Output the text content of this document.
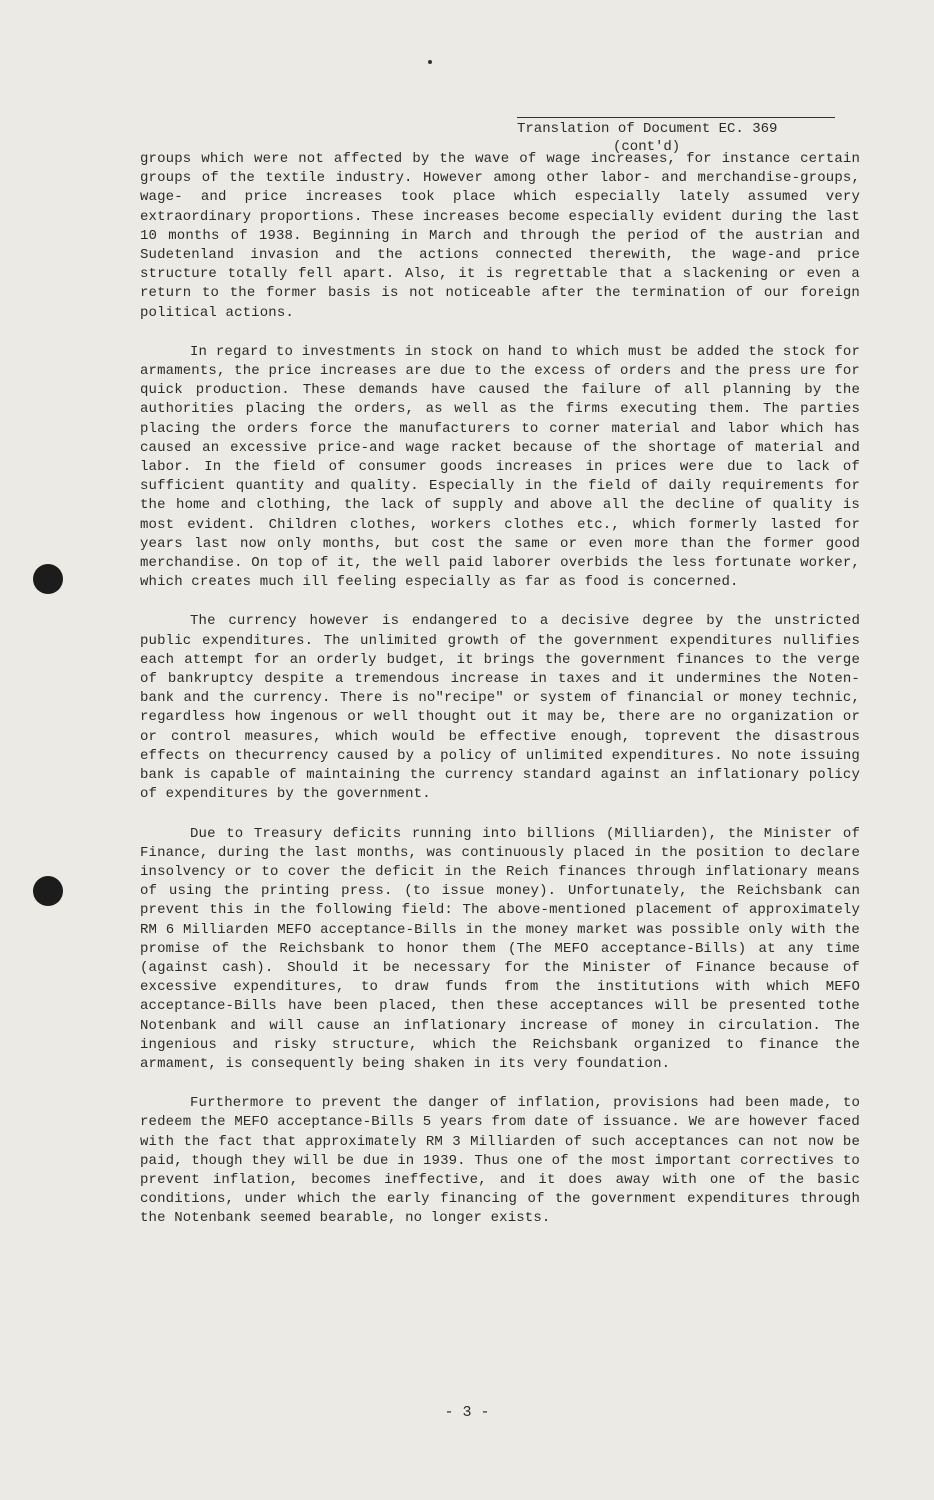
Translation of Document EC. 369
(cont'd)

groups which were not affected by the wave of wage increases, for instance certain groups of the textile industry. However among other labor- and merchandise-groups, wage- and price increases took place which especially lately assumed very extraordinary proportions. These increases become especially evident during the last 10 months of 1938. Beginning in March and through the period of the austrian and Sudetenland invasion and the actions connected therewith, the wage-and price structure totally fell apart. Also, it is regrettable that a slackening or even a return to the former basis is not noticeable after the termination of our foreign political actions.

In regard to investments in stock on hand to which must be added the stock for armaments, the price increases are due to the excess of orders and the press ure for quick production. These demands have caused the failure of all planning by the authorities placing the orders, as well as the firms executing them. The parties placing the orders force the manufacturers to corner material and labor which has caused an excessive price-and wage racket because of the shortage of material and labor. In the field of consumer goods increases in prices were due to lack of sufficient quantity and quality. Especially in the field of daily requirements for the home and clothing, the lack of supply and above all the decline of quality is most evident. Children clothes, workers clothes etc., which formerly lasted for years last now only months, but cost the same or even more than the former good merchandise. On top of it, the well paid laborer overbids the less fortunate worker, which creates much ill feeling especially as far as food is concerned.

The currency however is endangered to a decisive degree by the unstricted public expenditures. The unlimited growth of the government expenditures nullifies each attempt for an orderly budget, it brings the government finances to the verge of bankruptcy despite a tremendous increase in taxes and it undermines the Noten-bank and the currency. There is no"recipe" or system of financial or money technic, regardless how ingenous or well thought out it may be, there are no organization or or control measures, which would be effective enough, toprevent the disastrous effects on thecurrency caused by a policy of unlimited expenditures. No note issuing bank is capable of maintaining the currency standard against an inflationary policy of expenditures by the government.

Due to Treasury deficits running into billions (Milliarden), the Minister of Finance, during the last months, was continuously placed in the position to declare insolvency or to cover the deficit in the Reich finances through inflationary means of using the printing press. (to issue money). Unfortunately, the Reichsbank can prevent this in the following field: The above-mentioned placement of approximately RM 6 Milliarden MEFO acceptance-Bills in the money market was possible only with the promise of the Reichsbank to honor them (The MEFO acceptance-Bills) at any time (against cash). Should it be necessary for the Minister of Finance because of excessive expenditures, to draw funds from the institutions with which MEFO acceptance-Bills have been placed, then these acceptances will be presented tothe Notenbank and will cause an inflationary increase of money in circulation. The ingenious and risky structure, which the Reichsbank organized to finance the armament, is consequently being shaken in its very foundation.

Furthermore to prevent the danger of inflation, provisions had been made, to redeem the MEFO acceptance-Bills 5 years from date of issuance. We are however faced with the fact that approximately RM 3 Milliarden of such acceptances can not now be paid, though they will be due in 1939. Thus one of the most important correctives to prevent inflation, becomes ineffective, and it does away with one of the basic conditions, under which the early financing of the government expenditures through the Notenbank seemed bearable, no longer exists.

- 3 -
